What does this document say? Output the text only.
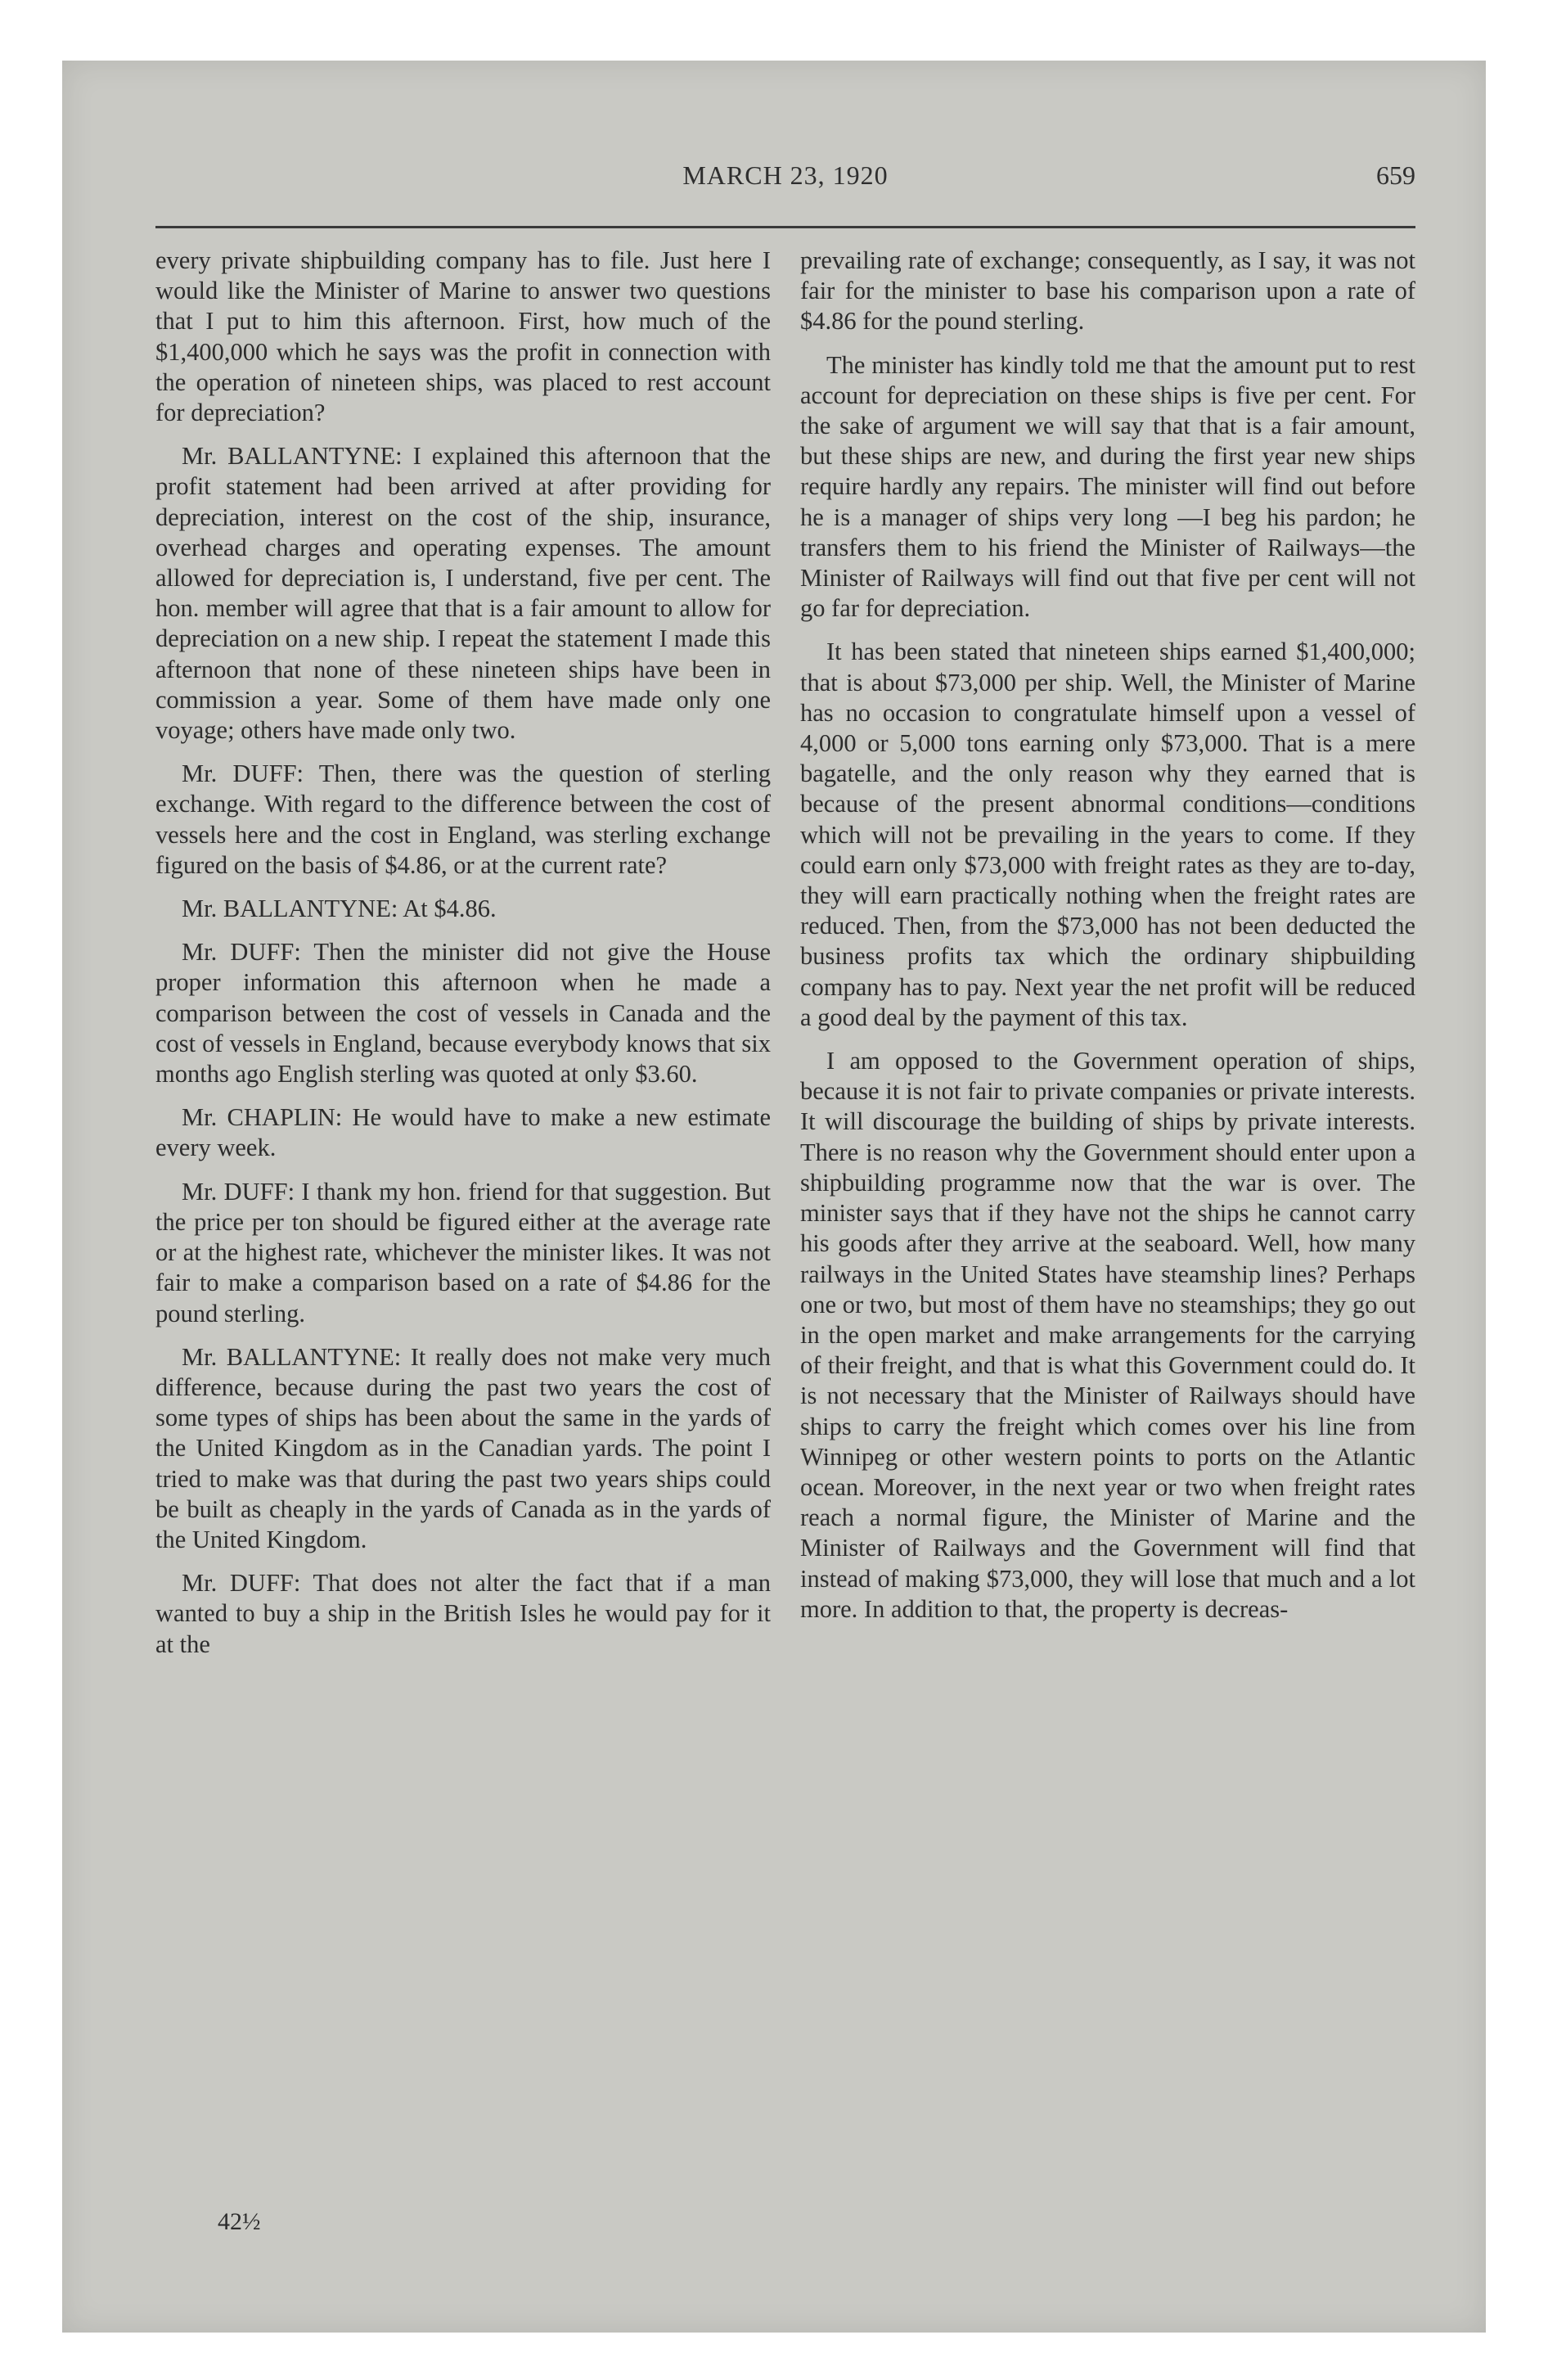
MARCH 23, 1920	659

every private shipbuilding company has to file. Just here I would like the Minister of Marine to answer two questions that I put to him this afternoon. First, how much of the $1,400,000 which he says was the profit in connection with the operation of nineteen ships, was placed to rest account for depreciation?

Mr. BALLANTYNE: I explained this afternoon that the profit statement had been arrived at after providing for depreciation, interest on the cost of the ship, insurance, overhead charges and operating expenses. The amount allowed for depreciation is, I understand, five per cent. The hon. member will agree that that is a fair amount to allow for depreciation on a new ship. I repeat the statement I made this afternoon that none of these nineteen ships have been in commission a year. Some of them have made only one voyage; others have made only two.

Mr. DUFF: Then, there was the question of sterling exchange. With regard to the difference between the cost of vessels here and the cost in England, was sterling exchange figured on the basis of $4.86, or at the current rate?

Mr. BALLANTYNE: At $4.86.

Mr. DUFF: Then the minister did not give the House proper information this afternoon when he made a comparison between the cost of vessels in Canada and the cost of vessels in England, because everybody knows that six months ago English sterling was quoted at only $3.60.

Mr. CHAPLIN: He would have to make a new estimate every week.

Mr. DUFF: I thank my hon. friend for that suggestion. But the price per ton should be figured either at the average rate or at the highest rate, whichever the minister likes. It was not fair to make a comparison based on a rate of $4.86 for the pound sterling.

Mr. BALLANTYNE: It really does not make very much difference, because during the past two years the cost of some types of ships has been about the same in the yards of the United Kingdom as in the Canadian yards. The point I tried to make was that during the past two years ships could be built as cheaply in the yards of Canada as in the yards of the United Kingdom.

Mr. DUFF: That does not alter the fact that if a man wanted to buy a ship in the British Isles he would pay for it at the

prevailing rate of exchange; consequently, as I say, it was not fair for the minister to base his comparison upon a rate of $4.86 for the pound sterling.

The minister has kindly told me that the amount put to rest account for depreciation on these ships is five per cent. For the sake of argument we will say that that is a fair amount, but these ships are new, and during the first year new ships require hardly any repairs. The minister will find out before he is a manager of ships very long —I beg his pardon; he transfers them to his friend the Minister of Railways—the Minister of Railways will find out that five per cent will not go far for depreciation.

It has been stated that nineteen ships earned $1,400,000; that is about $73,000 per ship. Well, the Minister of Marine has no occasion to congratulate himself upon a vessel of 4,000 or 5,000 tons earning only $73,000. That is a mere bagatelle, and the only reason why they earned that is because of the present abnormal conditions—conditions which will not be prevailing in the years to come. If they could earn only $73,000 with freight rates as they are to-day, they will earn practically nothing when the freight rates are reduced. Then, from the $73,000 has not been deducted the business profits tax which the ordinary shipbuilding company has to pay. Next year the net profit will be reduced a good deal by the payment of this tax.

I am opposed to the Government operation of ships, because it is not fair to private companies or private interests. It will discourage the building of ships by private interests. There is no reason why the Government should enter upon a shipbuilding programme now that the war is over. The minister says that if they have not the ships he cannot carry his goods after they arrive at the seaboard. Well, how many railways in the United States have steamship lines? Perhaps one or two, but most of them have no steamships; they go out in the open market and make arrangements for the carrying of their freight, and that is what this Government could do. It is not necessary that the Minister of Railways should have ships to carry the freight which comes over his line from Winnipeg or other western points to ports on the Atlantic ocean. Moreover, in the next year or two when freight rates reach a normal figure, the Minister of Marine and the Minister of Railways and the Government will find that instead of making $73,000, they will lose that much and a lot more. In addition to that, the property is decreas-

42½
